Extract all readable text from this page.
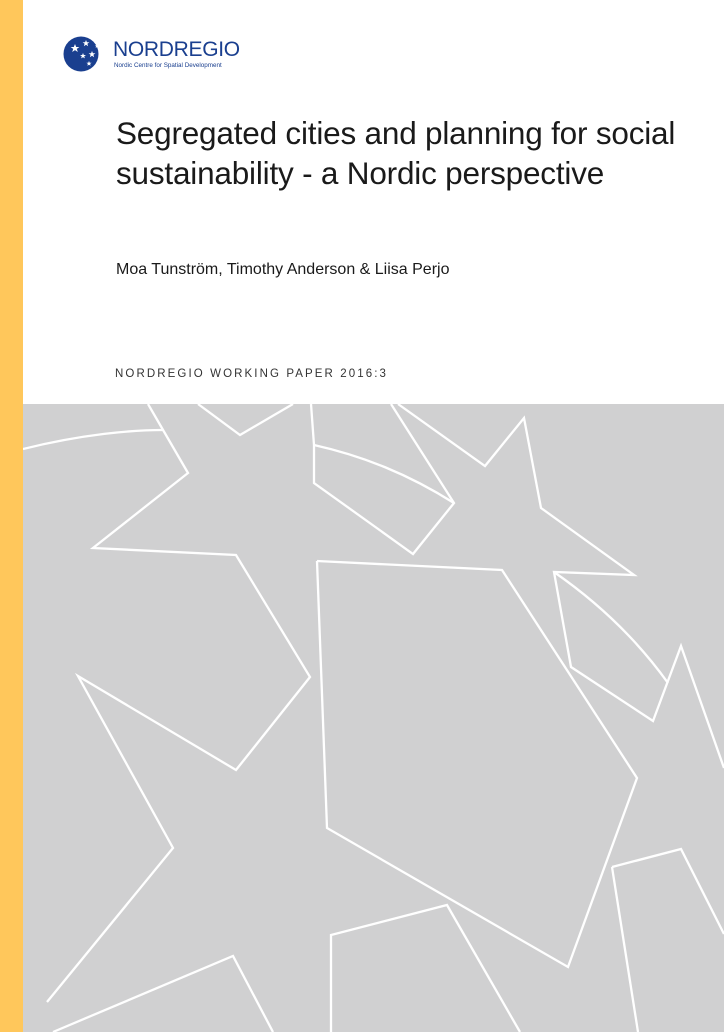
NORDREGIO
Nordic Centre for Spatial Development
Segregated cities and planning for social
sustainability - a Nordic perspective
Moa Tunström, Timothy Anderson & Liisa Perjo
NORDREGIO WORKING PAPER 2016:3
